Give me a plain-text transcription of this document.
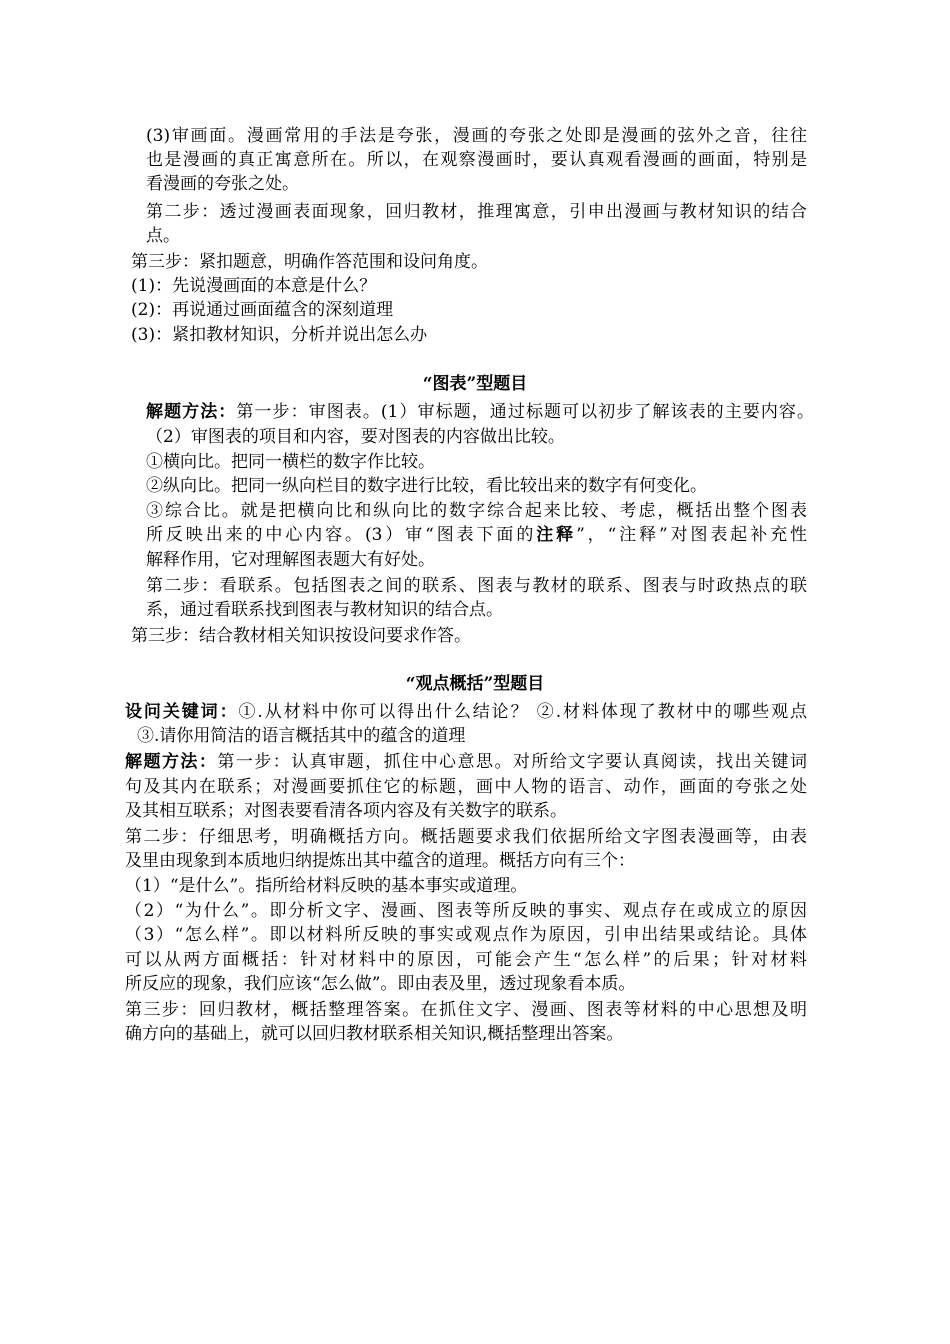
(3)审画面。漫画常用的手法是夸张，漫画的夸张之处即是漫画的弦外之音，往往
也是漫画的真正寓意所在。所以，在观察漫画时，要认真观看漫画的画面，特别是
看漫画的夸张之处。
第二步：透过漫画表面现象，回归教材，推理寓意，引申出漫画与教材知识的结合
点。
第三步：紧扣题意，明确作答范围和设问角度。
(1)：先说漫画面的本意是什么？
(2)：再说通过画面蕴含的深刻道理
(3)：紧扣教材知识，分析并说出怎么办
“图表”型题目
解题方法：第一步：审图表。(1）审标题，通过标题可以初步了解该表的主要内容。
（2）审图表的项目和内容，要对图表的内容做出比较。
①横向比。把同一横栏的数字作比较。
②纵向比。把同一纵向栏目的数字进行比较，看比较出来的数字有何变化。
③综合比。就是把横向比和纵向比的数字综合起来比较、考虑，概括出整个图表
所反映出来的中心内容。(3）审“图表下面的注释”，“注释”对图表起补充性
解释作用，它对理解图表题大有好处。
第二步：看联系。包括图表之间的联系、图表与教材的联系、图表与时政热点的联
系，通过看联系找到图表与教材知识的结合点。
第三步：结合教材相关知识按设问要求作答。
“观点概括”型题目
设问关键词：①.从材料中你可以得出什么结论？ ②.材料体现了教材中的哪些观点
③.请你用简洁的语言概括其中的蕴含的道理
解题方法：第一步：认真审题，抓住中心意思。对所给文字要认真阅读，找出关键词
句及其内在联系；对漫画要抓住它的标题，画中人物的语言、动作，画面的夸张之处
及其相互联系；对图表要看清各项内容及有关数字的联系。
第二步：仔细思考，明确概括方向。概括题要求我们依据所给文字图表漫画等，由表
及里由现象到本质地归纳提炼出其中蕴含的道理。概括方向有三个：
（1）“是什么”。指所给材料反映的基本事实或道理。
（2）“为什么”。即分析文字、漫画、图表等所反映的事实、观点存在或成立的原因
（3）“怎么样”。即以材料所反映的事实或观点作为原因，引申出结果或结论。具体
可以从两方面概括：针对材料中的原因，可能会产生“怎么样”的后果；针对材料
所反应的现象，我们应该“怎么做”。即由表及里，透过现象看本质。
第三步：回归教材，概括整理答案。在抓住文字、漫画、图表等材料的中心思想及明
确方向的基础上，就可以回归教材联系相关知识,概括整理出答案。
